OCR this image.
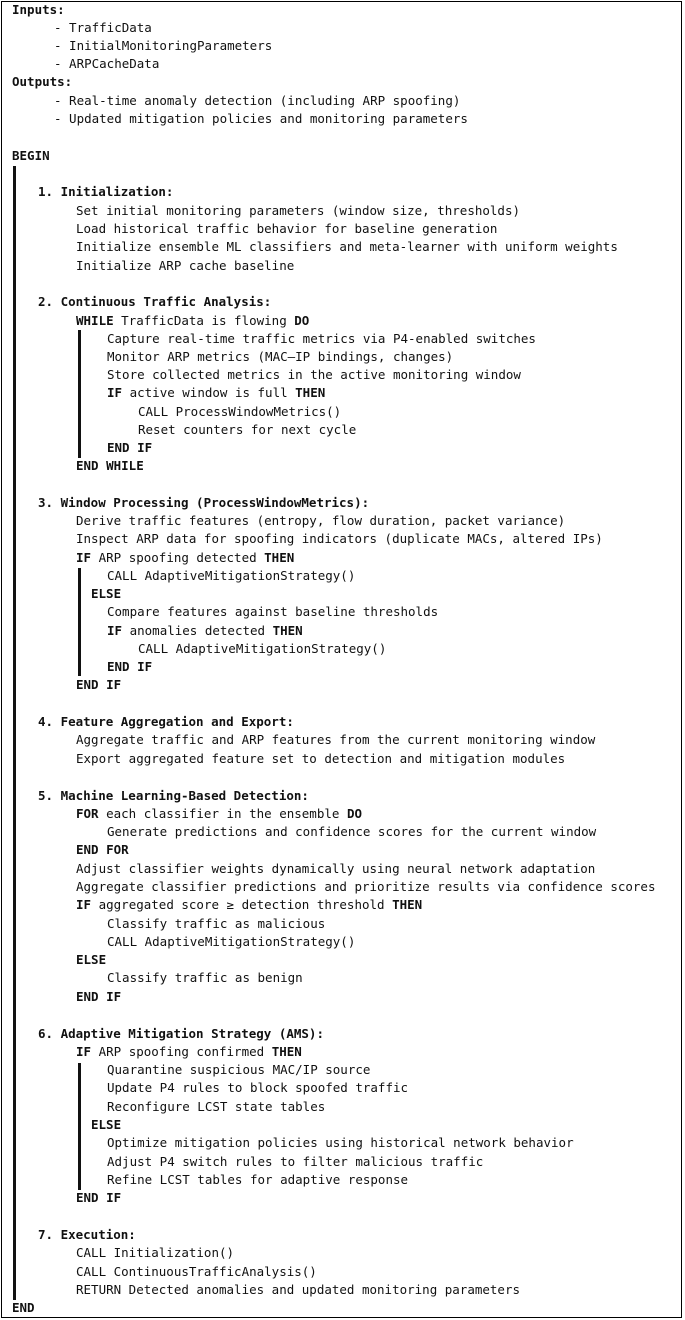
Inputs:
- TrafficData
- InitialMonitoringParameters
- ARPCacheData
Outputs:
- Real-time anomaly detection (including ARP spoofing)
- Updated mitigation policies and monitoring parameters
BEGIN
1. Initialization:
Set initial monitoring parameters (window size, thresholds)
Load historical traffic behavior for baseline generation
Initialize ensemble ML classifiers and meta-learner with uniform weights
Initialize ARP cache baseline
2. Continuous Traffic Analysis:
WHILE TrafficData is flowing DO
Capture real-time traffic metrics via P4-enabled switches
Monitor ARP metrics (MAC–IP bindings, changes)
Store collected metrics in the active monitoring window
IF active window is full THEN
CALL ProcessWindowMetrics()
Reset counters for next cycle
END IF
END WHILE
3. Window Processing (ProcessWindowMetrics):
Derive traffic features (entropy, flow duration, packet variance)
Inspect ARP data for spoofing indicators (duplicate MACs, altered IPs)
IF ARP spoofing detected THEN
CALL AdaptiveMitigationStrategy()
ELSE
Compare features against baseline thresholds
IF anomalies detected THEN
CALL AdaptiveMitigationStrategy()
END IF
END IF
4. Feature Aggregation and Export:
Aggregate traffic and ARP features from the current monitoring window
Export aggregated feature set to detection and mitigation modules
5. Machine Learning-Based Detection:
FOR each classifier in the ensemble DO
Generate predictions and confidence scores for the current window
END FOR
Adjust classifier weights dynamically using neural network adaptation
Aggregate classifier predictions and prioritize results via confidence scores
IF aggregated score ≥ detection threshold THEN
Classify traffic as malicious
CALL AdaptiveMitigationStrategy()
ELSE
Classify traffic as benign
END IF
6. Adaptive Mitigation Strategy (AMS):
IF ARP spoofing confirmed THEN
Quarantine suspicious MAC/IP source
Update P4 rules to block spoofed traffic
Reconfigure LCST state tables
ELSE
Optimize mitigation policies using historical network behavior
Adjust P4 switch rules to filter malicious traffic
Refine LCST tables for adaptive response
END IF
7. Execution:
CALL Initialization()
CALL ContinuousTrafficAnalysis()
RETURN Detected anomalies and updated monitoring parameters
END
